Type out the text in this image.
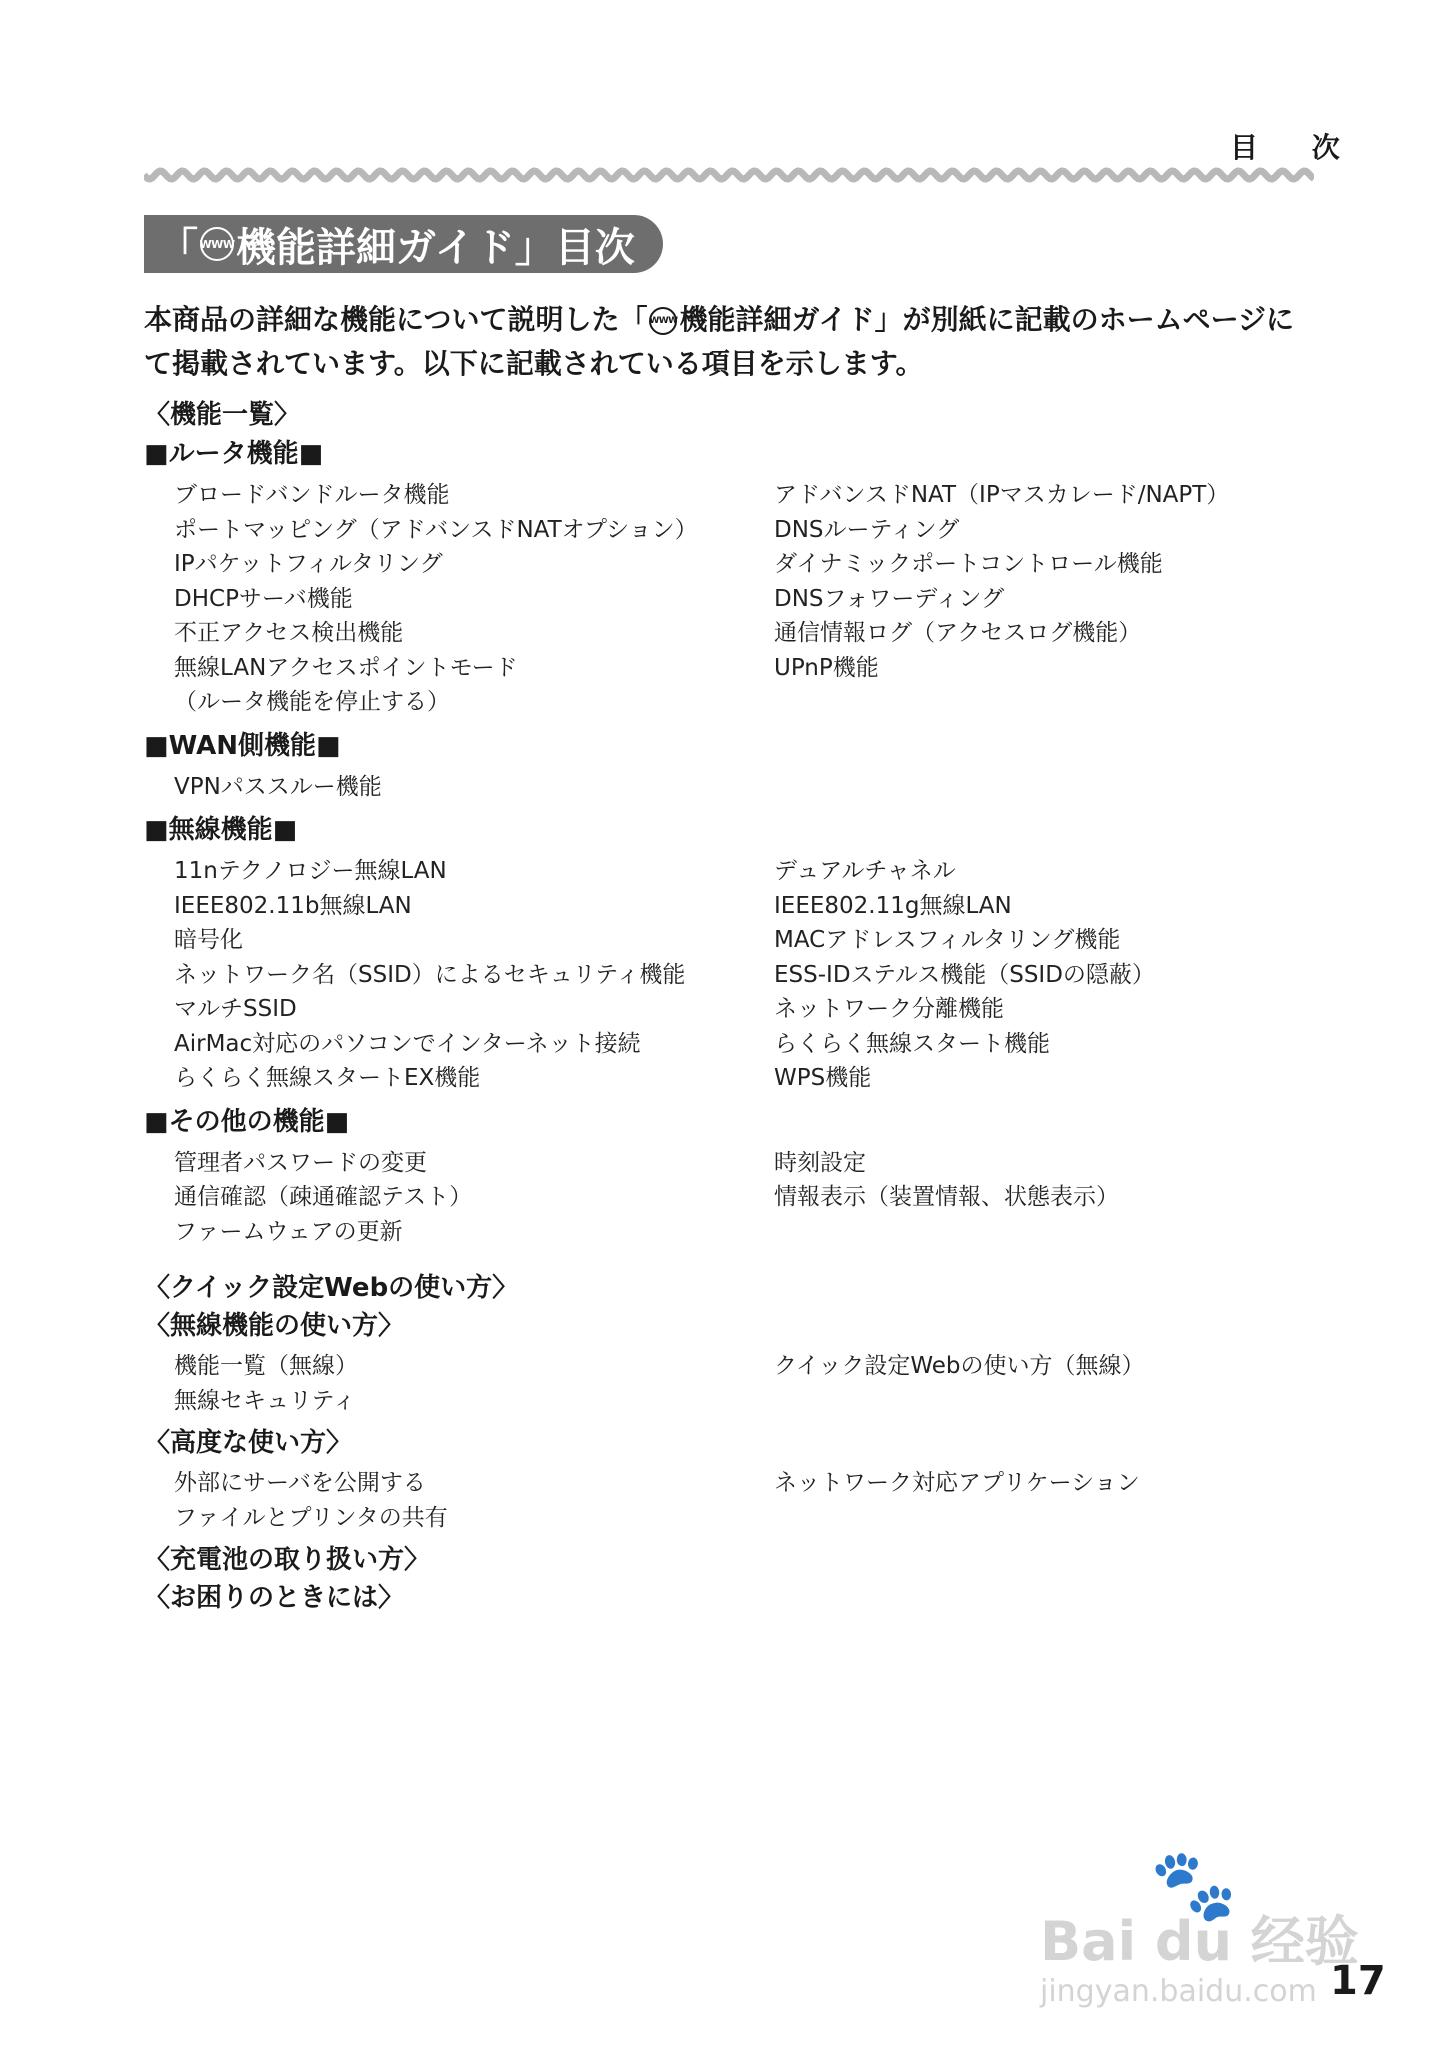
目 次
「 WWW 機能詳細ガイド」目次
本商品の詳細な機能について説明した「 WWW機能詳細ガイド」が別紙に記載のホームページにて掲載されています。以下に記載されている項目を示します。
〈機能一覧〉
■ルータ機能■
ブロードバンドルータ機能
ポートマッピング（アドバンスドNATオプション）
IPパケットフィルタリング
DHCPサーバ機能
不正アクセス検出機能
無線LANアクセスポイントモード
（ルータ機能を停止する）
アドバンスドNAT（IPマスカレード/NAPT）
DNSルーティング
ダイナミックポートコントロール機能
DNSフォワーディング
通信情報ログ（アクセスログ機能）
UPnP機能
■WAN側機能■
VPNパススルー機能
■無線機能■
11nテクノロジー無線LAN
IEEE802.11b無線LAN
暗号化
ネットワーク名（SSID）によるセキュリティ機能
マルチSSID
AirMac対応のパソコンでインターネット接続
らくらく無線スタートEX機能
デュアルチャネル
IEEE802.11g無線LAN
MACアドレスフィルタリング機能
ESS-IDステルス機能（SSIDの隠蔽）
ネットワーク分離機能
らくらく無線スタート機能
WPS機能
■その他の機能■
管理者パスワードの変更
通信確認（疎通確認テスト）
ファームウェアの更新
時刻設定
情報表示（装置情報、状態表示）
〈クイック設定Webの使い方〉
〈無線機能の使い方〉
機能一覧（無線）
無線セキュリティ
クイック設定Webの使い方（無線）
〈高度な使い方〉
外部にサーバを公開する
ファイルとプリンタの共有
ネットワーク対応アプリケーション
〈充電池の取り扱い方〉
〈お困りのときには〉
🐾
Bai du 经验
jingyan.baidu.com 17
